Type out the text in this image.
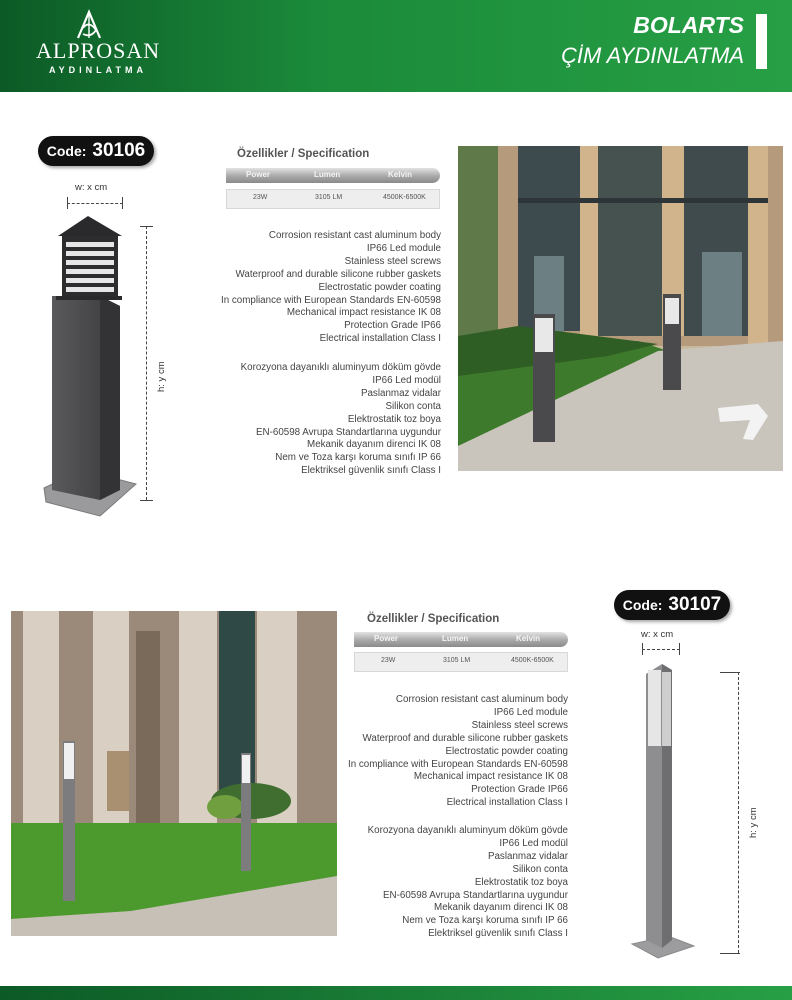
ALPROSAN
AYDINLATMA
BOLARTS
ÇİM AYDINLATMA
Code: 30106
w: x cm
h: y cm
Özellikler / Specification
Power	Lumen	Kelvin
23W	3105 LM	4500K-6500K
Corrosion resistant cast aluminum body
IP66 Led module
Stainless steel screws
Waterproof and durable silicone rubber gaskets
Electrostatic powder coating
In compliance with European Standards EN-60598
Mechanical impact resistance IK 08
Protection Grade IP66
Electrical installation Class I
Korozyona dayanıklı aluminyum döküm gövde
IP66 Led modül
Paslanmaz vidalar
Silikon conta
Elektrostatik toz boya
EN-60598 Avrupa Standartlarına uygundur
Mekanik dayanım direnci IK 08
Nem ve Toza karşı koruma sınıfı IP 66
Elektriksel güvenlik sınıfı Class I
Code: 30107
Özellikler / Specification
Power	Lumen	Kelvin
23W	3105 LM	4500K-6500K
Corrosion resistant cast aluminum body
IP66 Led module
Stainless steel screws
Waterproof and durable silicone rubber gaskets
Electrostatic powder coating
In compliance with European Standards EN-60598
Mechanical impact resistance IK 08
Protection Grade IP66
Electrical installation Class I
Korozyona dayanıklı aluminyum döküm gövde
IP66 Led modül
Paslanmaz vidalar
Silikon conta
Elektrostatik toz boya
EN-60598 Avrupa Standartlarına uygundur
Mekanik dayanım direnci IK 08
Nem ve Toza karşı koruma sınıfı IP 66
Elektriksel güvenlik sınıfı Class I
w: x cm
h: y cm
